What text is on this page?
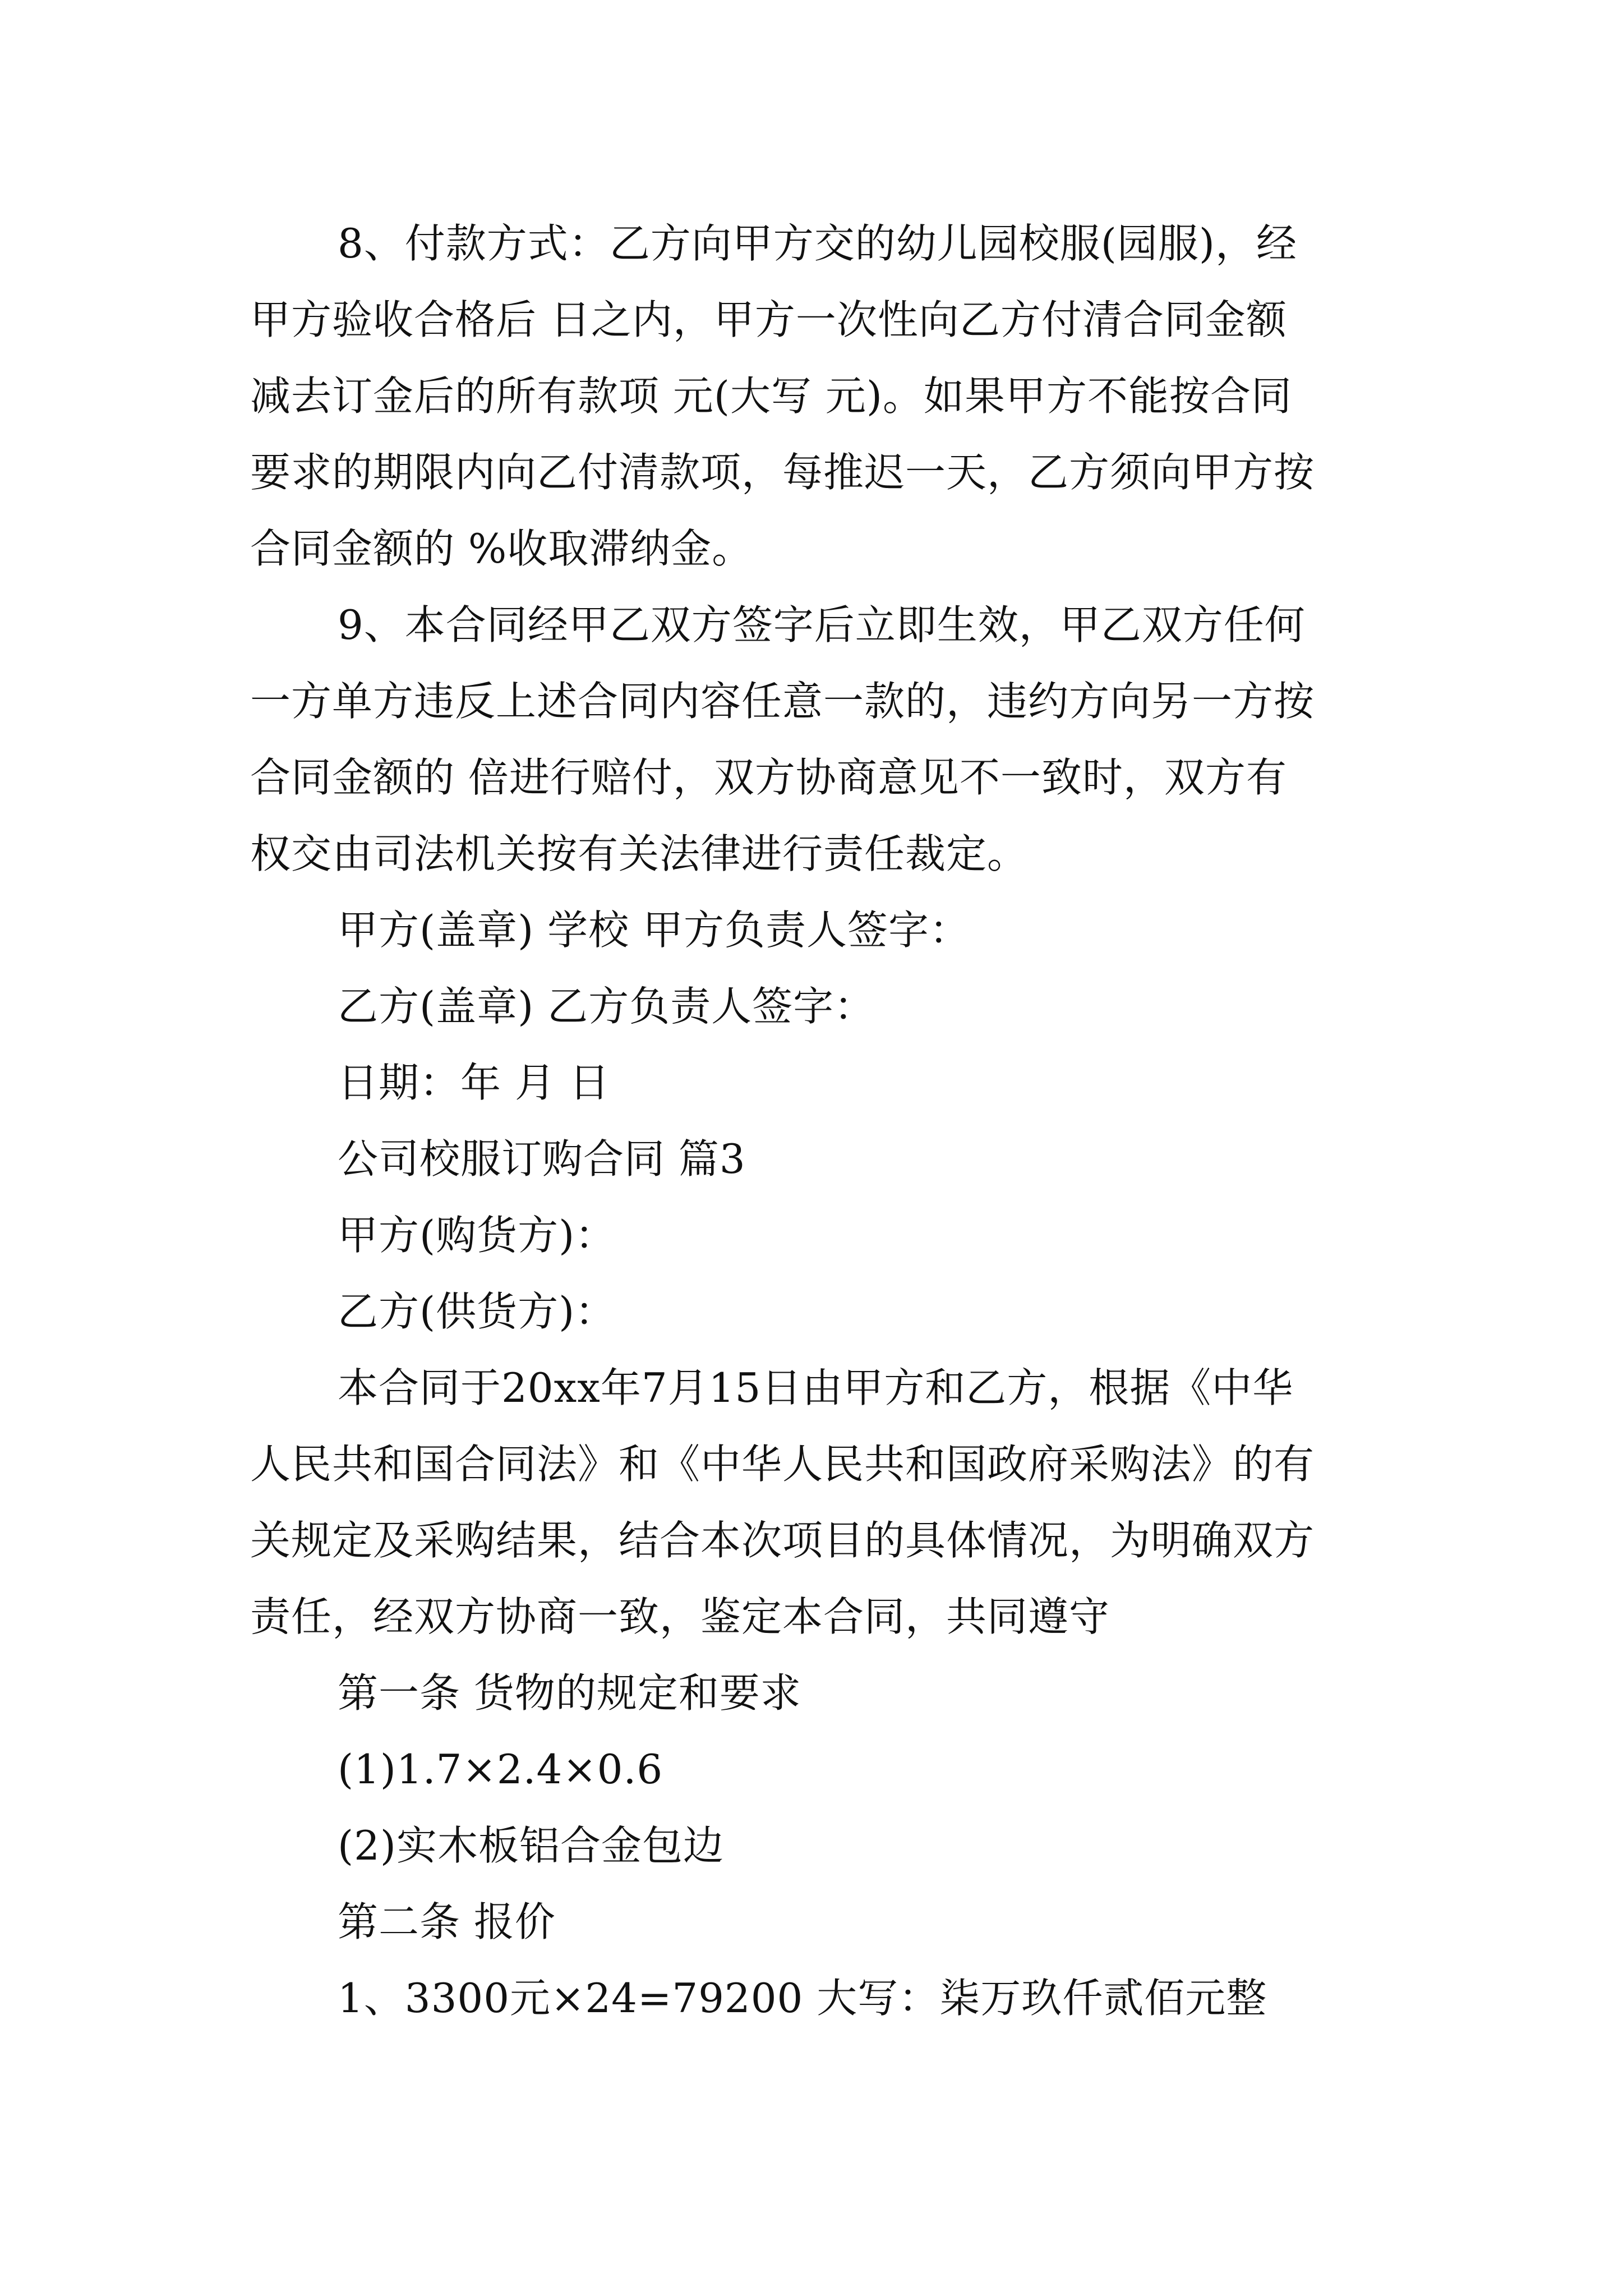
8、付款方式：乙方向甲方交的幼儿园校服(园服)，经
甲方验收合格后 日之内，甲方一次性向乙方付清合同金额
减去订金后的所有款项 元(大写 元)。如果甲方不能按合同
要求的期限内向乙付清款项，每推迟一天，乙方须向甲方按
合同金额的 %收取滞纳金。
9、本合同经甲乙双方签字后立即生效，甲乙双方任何
一方单方违反上述合同内容任意一款的，违约方向另一方按
合同金额的 倍进行赔付，双方协商意见不一致时，双方有
权交由司法机关按有关法律进行责任裁定。
甲方(盖章) 学校 甲方负责人签字：
乙方(盖章) 乙方负责人签字：
日期：年 月 日
公司校服订购合同 篇3
甲方(购货方)：
乙方(供货方)：
本合同于20xx年7月15日由甲方和乙方，根据《中华
人民共和国合同法》和《中华人民共和国政府采购法》的有
关规定及采购结果，结合本次项目的具体情况，为明确双方
责任，经双方协商一致，鉴定本合同，共同遵守
第一条 货物的规定和要求
(1)1.7×2.4×0.6
(2)实木板铝合金包边
第二条 报价
1、3300元×24=79200 大写：柒万玖仟贰佰元整
